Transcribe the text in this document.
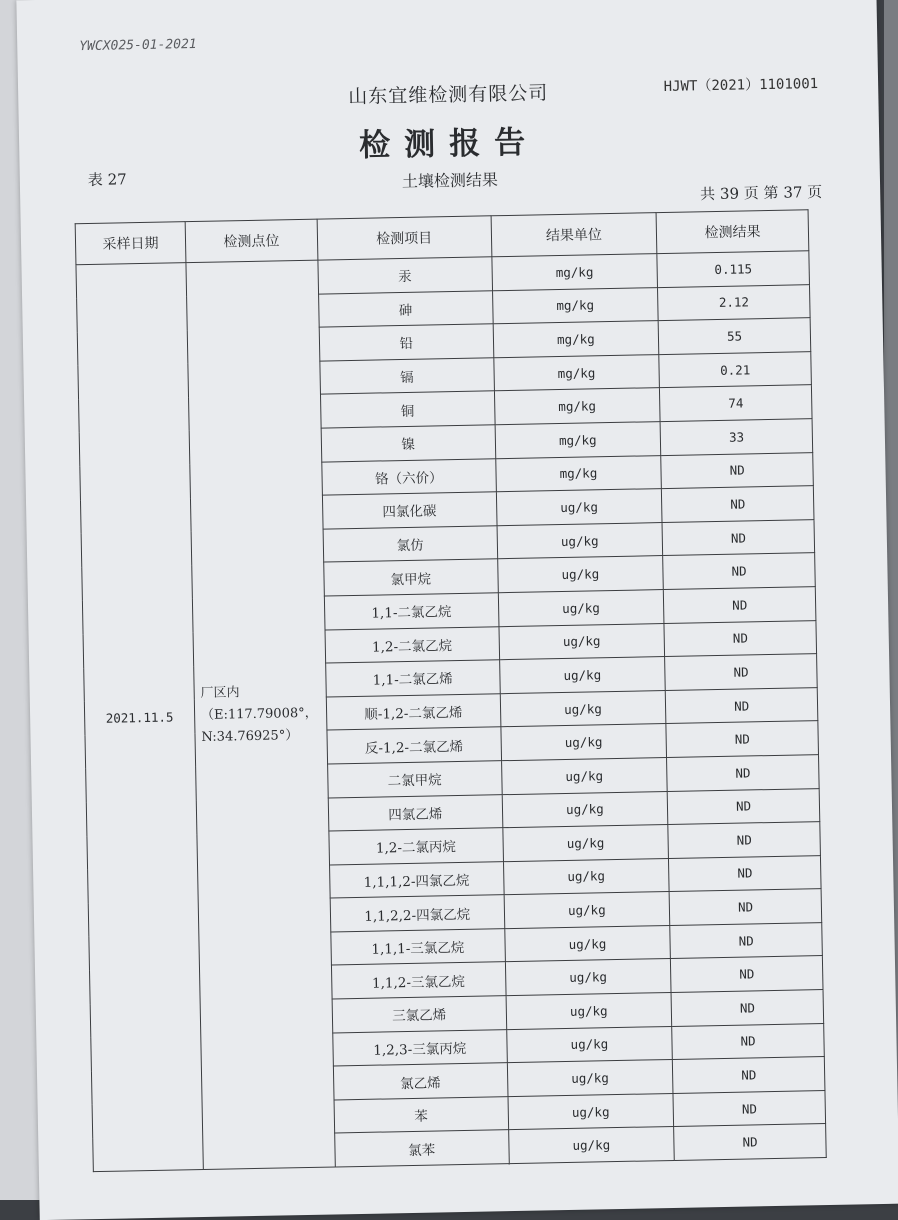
YWCX025-01-2021
山东宜维检测有限公司	HJWT（2021）1101001
检测报告
表 27	土壤检测结果
共 39 页 第 37 页
采样日期	检测点位	检测项目	结果单位	检测结果
2021.11.5	厂区内（E:117.79008°，N:34.76925°）	汞	mg/kg	0.115
		砷	mg/kg	2.12
		铅	mg/kg	55
		镉	mg/kg	0.21
		铜	mg/kg	74
		镍	mg/kg	33
		铬（六价）	mg/kg	ND
		四氯化碳	ug/kg	ND
		氯仿	ug/kg	ND
		氯甲烷	ug/kg	ND
		1,1-二氯乙烷	ug/kg	ND
		1,2-二氯乙烷	ug/kg	ND
		1,1-二氯乙烯	ug/kg	ND
		顺-1,2-二氯乙烯	ug/kg	ND
		反-1,2-二氯乙烯	ug/kg	ND
		二氯甲烷	ug/kg	ND
		四氯乙烯	ug/kg	ND
		1,2-二氯丙烷	ug/kg	ND
		1,1,1,2-四氯乙烷	ug/kg	ND
		1,1,2,2-四氯乙烷	ug/kg	ND
		1,1,1-三氯乙烷	ug/kg	ND
		1,1,2-三氯乙烷	ug/kg	ND
		三氯乙烯	ug/kg	ND
		1,2,3-三氯丙烷	ug/kg	ND
		氯乙烯	ug/kg	ND
		苯	ug/kg	ND
		氯苯	ug/kg	ND
